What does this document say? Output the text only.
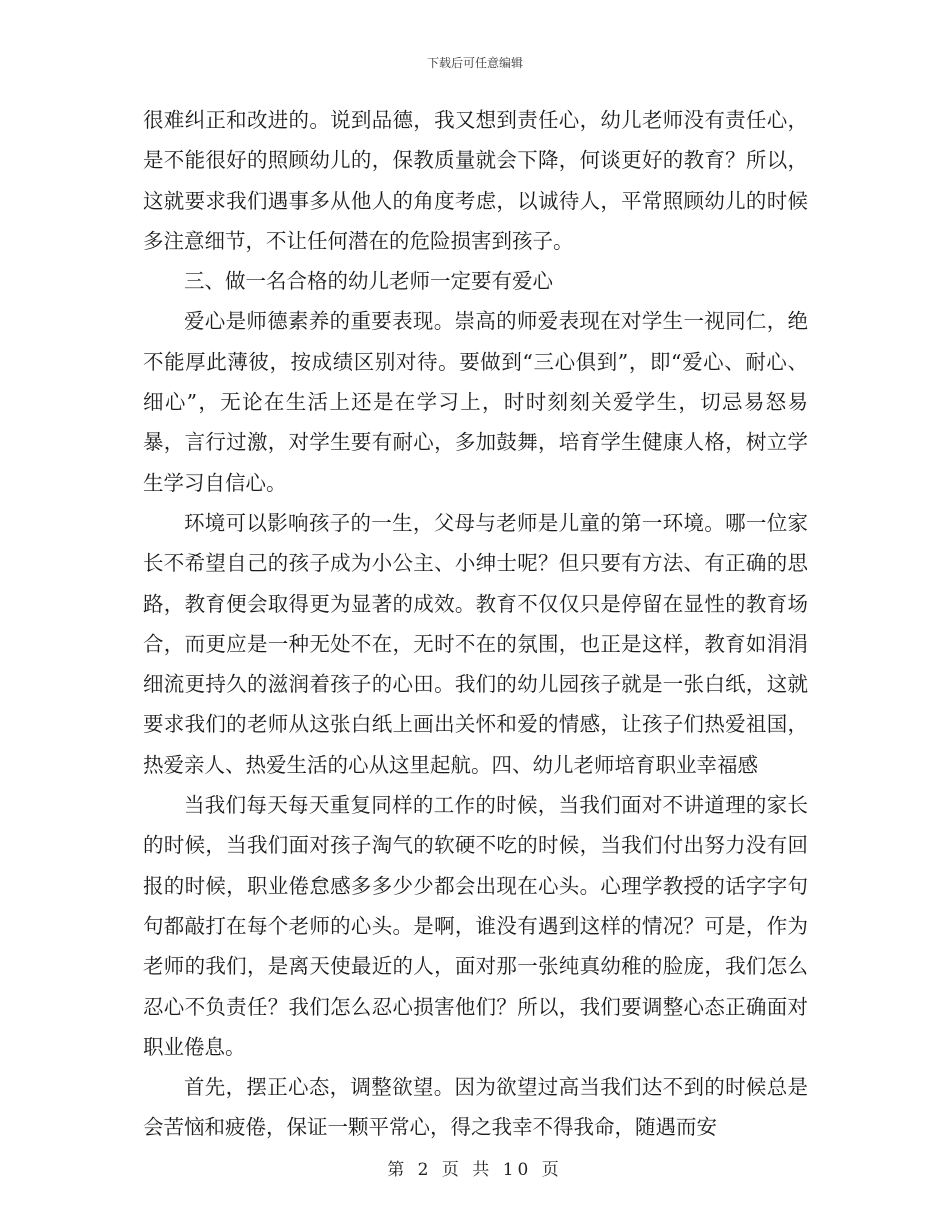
下载后可任意编辑

很难纠正和改进的。说到品德，我又想到责任心，幼儿老师没有责任心，是不能很好的照顾幼儿的，保教质量就会下降，何谈更好的教育？所以，这就要求我们遇事多从他人的角度考虑，以诚待人，平常照顾幼儿的时候多注意细节，不让任何潜在的危险损害到孩子。

三、做一名合格的幼儿老师一定要有爱心

爱心是师德素养的重要表现。崇高的师爱表现在对学生一视同仁，绝不能厚此薄彼，按成绩区别对待。要做到“三心俱到”，即“爱心、耐心、细心”，无论在生活上还是在学习上，时时刻刻关爱学生，切忌易怒易暴，言行过激，对学生要有耐心，多加鼓舞，培育学生健康人格，树立学生学习自信心。

环境可以影响孩子的一生，父母与老师是儿童的第一环境。哪一位家长不希望自己的孩子成为小公主、小绅士呢？但只要有方法、有正确的思路，教育便会取得更为显著的成效。教育不仅仅只是停留在显性的教育场合，而更应是一种无处不在，无时不在的氛围，也正是这样，教育如涓涓细流更持久的滋润着孩子的心田。我们的幼儿园孩子就是一张白纸，这就要求我们的老师从这张白纸上画出关怀和爱的情感，让孩子们热爱祖国，热爱亲人、热爱生活的心从这里起航。四、幼儿老师培育职业幸福感

当我们每天每天重复同样的工作的时候，当我们面对不讲道理的家长的时候，当我们面对孩子淘气的软硬不吃的时候，当我们付出努力没有回报的时候，职业倦怠感多多少少都会出现在心头。心理学教授的话字字句句都敲打在每个老师的心头。是啊，谁没有遇到这样的情况？可是，作为老师的我们，是离天使最近的人，面对那一张纯真幼稚的脸庞，我们怎么忍心不负责任？我们怎么忍心损害他们？所以，我们要调整心态正确面对职业倦息。

首先，摆正心态，调整欲望。因为欲望过高当我们达不到的时候总是会苦恼和疲倦，保证一颗平常心，得之我幸不得我命，随遇而安

第 2 页 共 10 页
